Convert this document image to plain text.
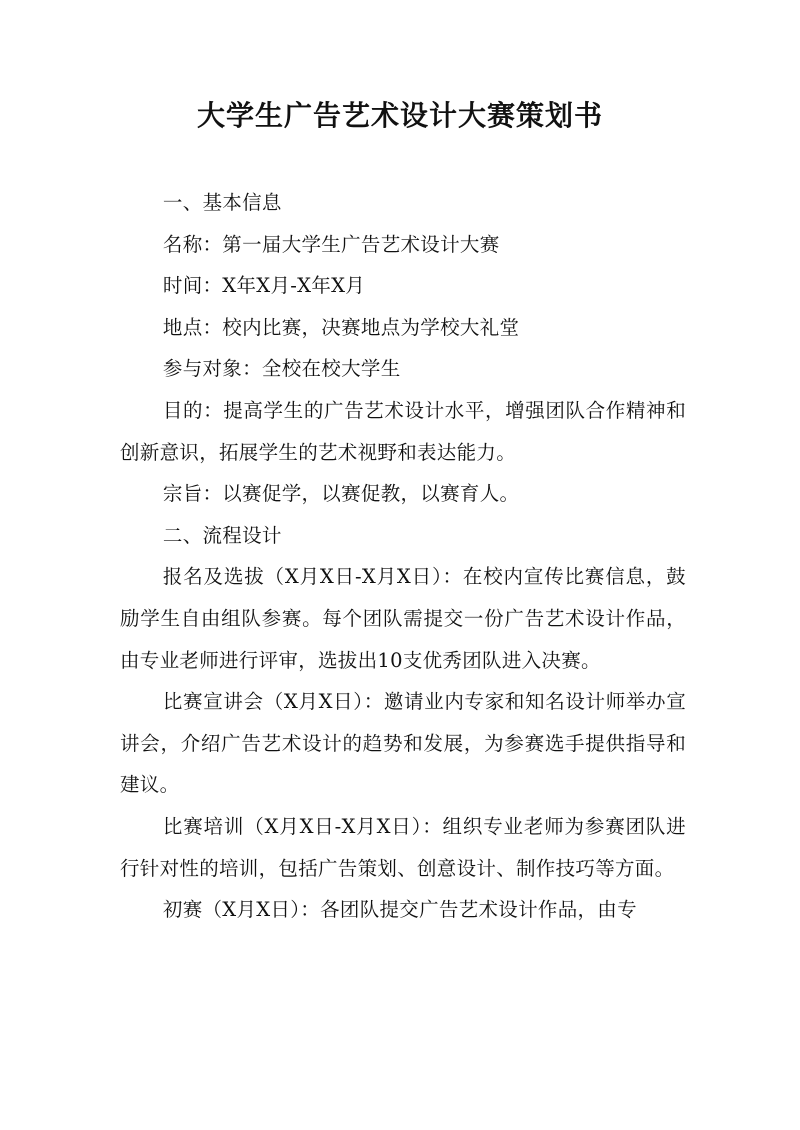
大学生广告艺术设计大赛策划书

一、基本信息

名称：第一届大学生广告艺术设计大赛

时间：X年X月-X年X月

地点：校内比赛，决赛地点为学校大礼堂

参与对象：全校在校大学生

目的：提高学生的广告艺术设计水平，增强团队合作精神和创新意识，拓展学生的艺术视野和表达能力。

宗旨：以赛促学，以赛促教，以赛育人。

二、流程设计

报名及选拔（X月X日-X月X日）：在校内宣传比赛信息，鼓励学生自由组队参赛。每个团队需提交一份广告艺术设计作品，由专业老师进行评审，选拔出10支优秀团队进入决赛。

比赛宣讲会（X月X日）：邀请业内专家和知名设计师举办宣讲会，介绍广告艺术设计的趋势和发展，为参赛选手提供指导和建议。

比赛培训（X月X日-X月X日）：组织专业老师为参赛团队进行针对性的培训，包括广告策划、创意设计、制作技巧等方面。

初赛（X月X日）：各团队提交广告艺术设计作品，由专
